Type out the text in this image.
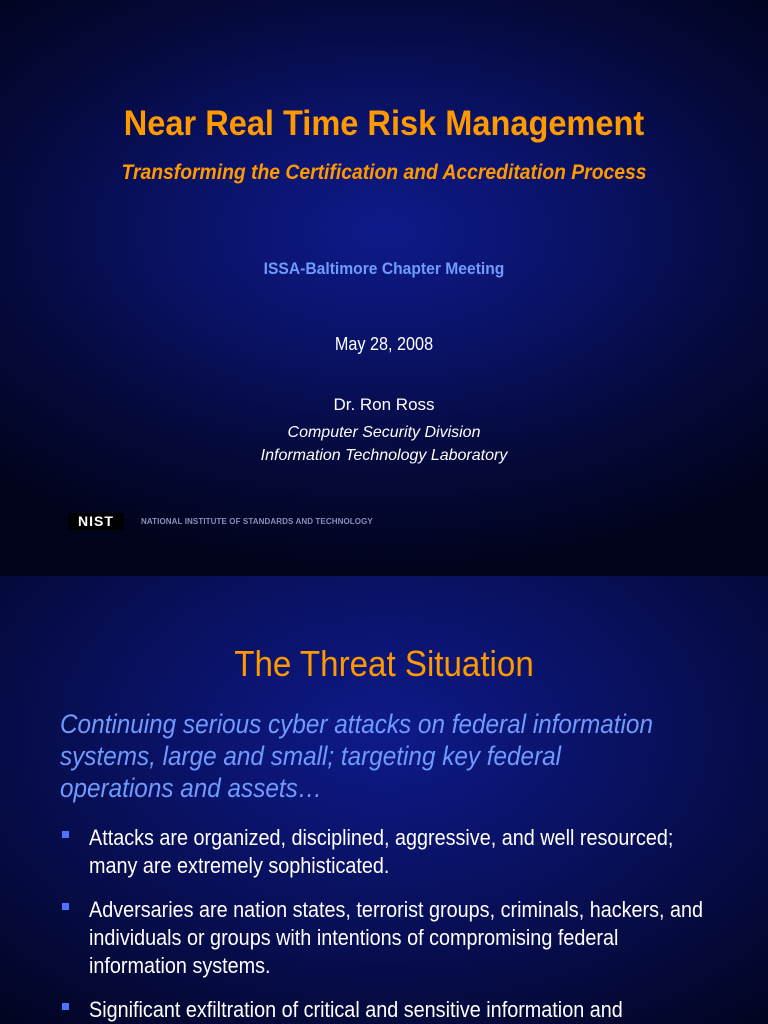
Near Real Time Risk Management
Transforming the Certification and Accreditation Process
ISSA-Baltimore Chapter Meeting
May 28, 2008
Dr. Ron Ross
Computer Security Division
Information Technology Laboratory
NIST	NATIONAL INSTITUTE OF STANDARDS AND TECHNOLOGY
The Threat Situation
Continuing serious cyber attacks on federal information systems, large and small; targeting key federal operations and assets…
Attacks are organized, disciplined, aggressive, and well resourced; many are extremely sophisticated.
Adversaries are nation states, terrorist groups, criminals, hackers, and individuals or groups with intentions of compromising federal information systems.
Significant exfiltration of critical and sensitive information and
